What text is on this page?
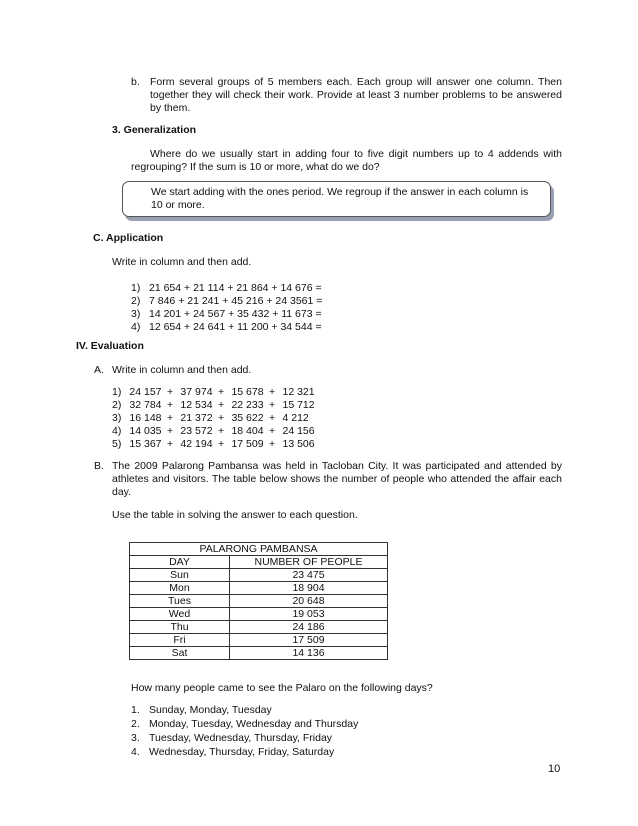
b. Form several groups of 5 members each. Each group will answer one column. Then together they will check their work. Provide at least 3 number problems to be answered by them.
3. Generalization
Where do we usually start in adding four to five digit numbers up to 4 addends with regrouping? If the sum is 10 or more, what do we do?
We start adding with the ones period. We regroup if the answer in each column is 10 or more.
C. Application
Write in column and then add.
1) 21 654 + 21 114 + 21 864 + 14 676 =
2) 7 846 + 21 241 + 45 216 + 24 3561 =
3) 14 201 + 24 567 + 35 432 + 11 673 =
4) 12 654 + 24 641 + 11 200 + 34 544 =
IV. Evaluation
A. Write in column and then add.
1)	24 157	+	37 974	+	15 678	+	12 321
2)	32 784	+	12 534	+	22 233	+	15 712
3)	16 148	+	21 372	+	35 622	+	4 212
4)	14 035	+	23 572	+	18 404	+	24 156
5)	15 367	+	42 194	+	17 509	+	13 506
B. The 2009 Palarong Pambansa was held in Tacloban City. It was participated and attended by athletes and visitors. The table below shows the number of people who attended the affair each day.
Use the table in solving the answer to each question.
PALARONG PAMBANSA	
DAY	NUMBER OF PEOPLE
Sun	23 475
Mon	18 904
Tues	20 648
Wed	19 053
Thu	24 186
Fri	17 509
Sat	14 136
How many people came to see the Palaro on the following days?
1. Sunday, Monday, Tuesday
2. Monday, Tuesday, Wednesday and Thursday
3. Tuesday, Wednesday, Thursday, Friday
4. Wednesday, Thursday, Friday, Saturday
10
